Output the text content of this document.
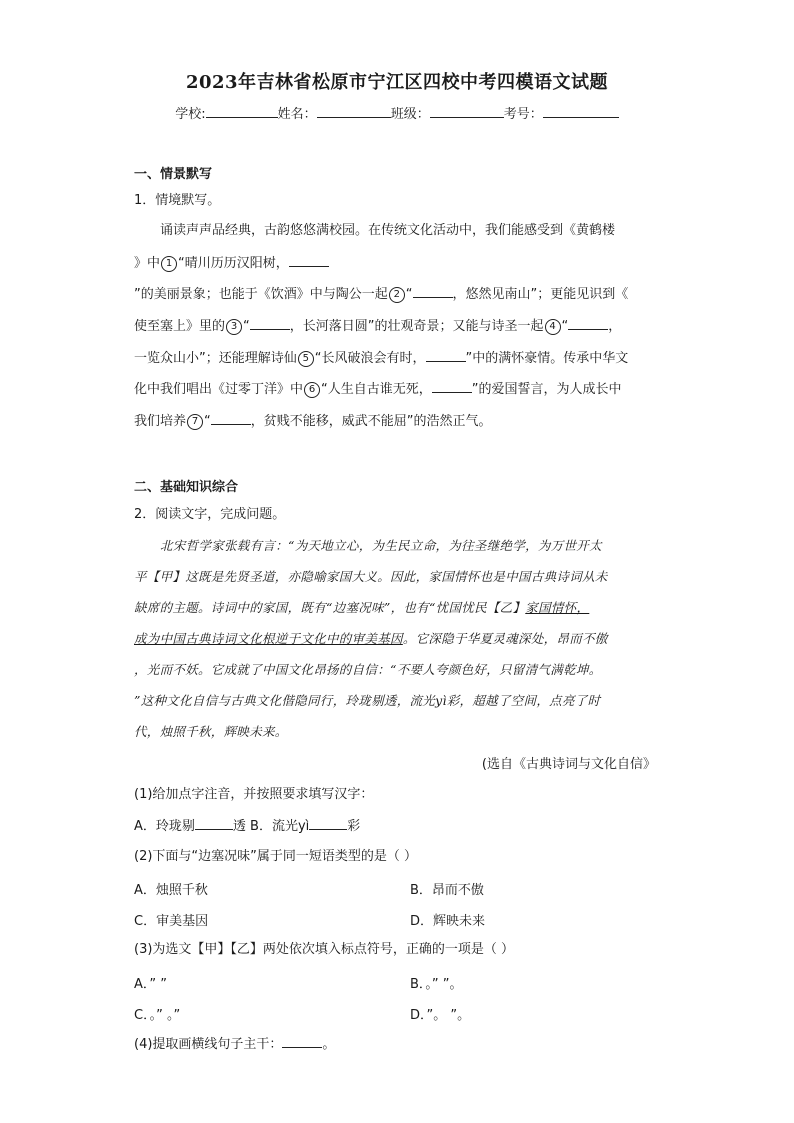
2023年吉林省松原市宁江区四校中考四模语文试题
学校:	姓名：	班级：	考号：
一、情景默写
1．情境默写。
诵读声声品经典，古韵悠悠满校园。在传统文化活动中，我们能感受到《黄鹤楼
》中 1 “晴川历历汉阳树，
”的美丽景象；也能于《饮酒》中与陶公一起 2 “	，悠然见南山”；更能见识到《
使至塞上》里的 3 “	，长河落日圆”的壮观奇景；又能与诗圣一起 4 “	，
一览众山小”；还能理解诗仙 5 “长风破浪会有时，	”中的满怀豪情。传承中华文
化中我们唱出《过零丁洋》中 6 “人生自古谁无死，	”的爱国誓言，为人成长中
我们培养 7 “	，贫贱不能移，威武不能屈”的浩然正气。
二、基础知识综合
2．阅读文字，完成问题。
北宋哲学家张载有言：“为天地立心，为生民立命，为往圣继绝学，为万世开太
平【甲】这既是先贤圣道，亦隐喻家国大义。因此，家国情怀也是中国古典诗词从未
缺席的主题。诗词中的家国，既有“边塞况味”，也有“忧国忧民【乙】家国情怀，
成为中国古典诗词文化根逆于文化中的审美基因。它深隐于华夏灵魂深处，昂而不傲
，光而不妖。它成就了中国文化昂扬的自信：“不要人夸颜色好，只留清气满乾坤。
”这种文化自信与古典文化偕隐同行，玲珑剔透，流光yì彩，超越了空间，点亮了时
代，烛照千秋，辉映未来。
(选自《古典诗词与文化自信》
(1)给加点字注音，并按照要求填写汉字：
A．玲珑剔	透 B．流光yì	彩
(2)下面与“边塞况味”属于同一短语类型的是（ ）
A．烛照千秋	B．昂而不傲
C．审美基因	D．辉映未来
(3)为选文【甲】【乙】两处依次填入标点符号，正确的一项是（ ）
A．” ”	B．。” ”。
C．。” 。”	D．”。 ”。
(4)提取画横线句子主干：	。
